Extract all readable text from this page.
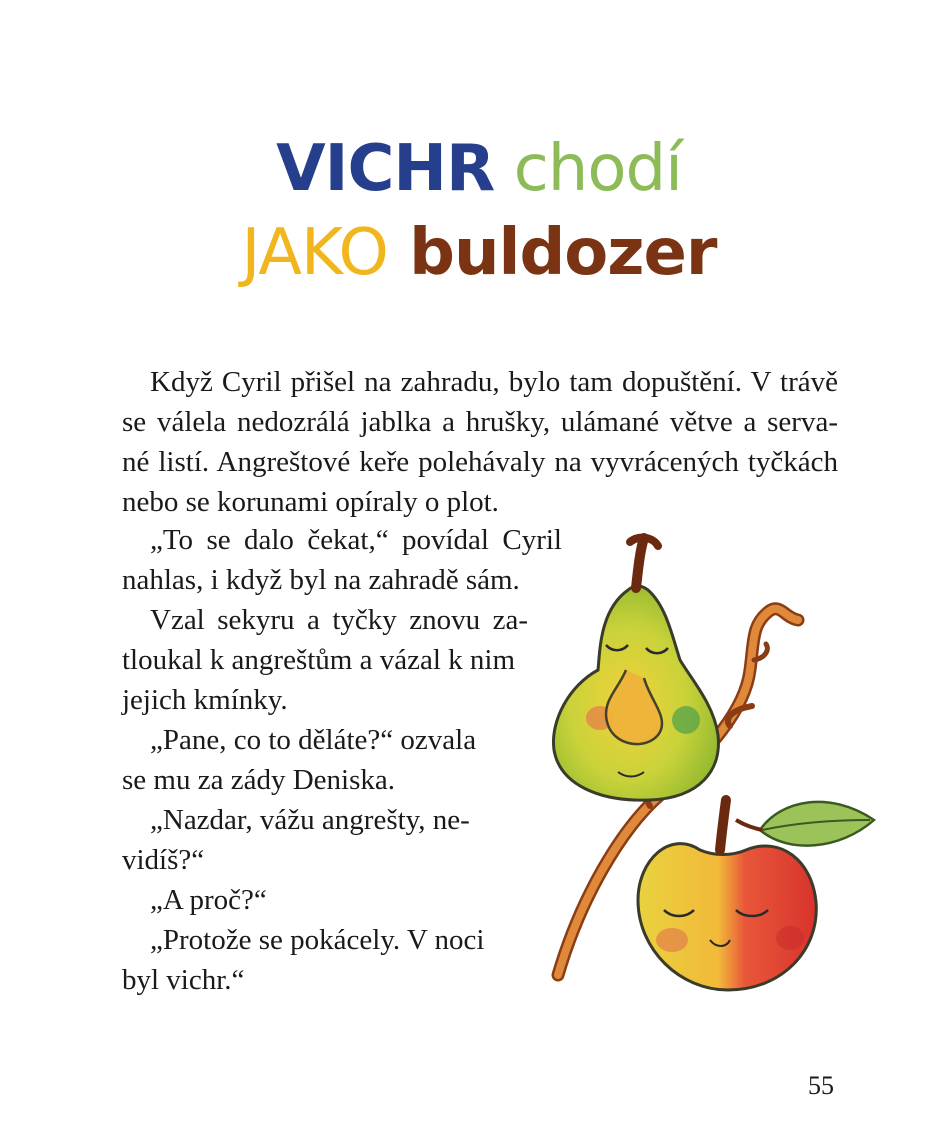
VICHR chodí
JAKO buldozer
Když Cyril přišel na zahradu, bylo tam dopuštění. V trávě
se válela nedozrálá jablka a hrušky, ulámané větve a serva-
né listí. Angreštové keře polehávaly na vyvrácených tyčkách
nebo se korunami opíraly o plot.
„To se dalo čekat,“ povídal Cyril
nahlas, i když byl na zahradě sám.
Vzal sekyru a tyčky znovu za-
tloukal k angreštům a vázal k nim
jejich kmínky.
„Pane, co to děláte?“ ozvala
se mu za zády Deniska.
„Nazdar, vážu angrešty, ne-
vidíš?“
„A proč?“
„Protože se pokácely. V noci
byl vichr.“
55
